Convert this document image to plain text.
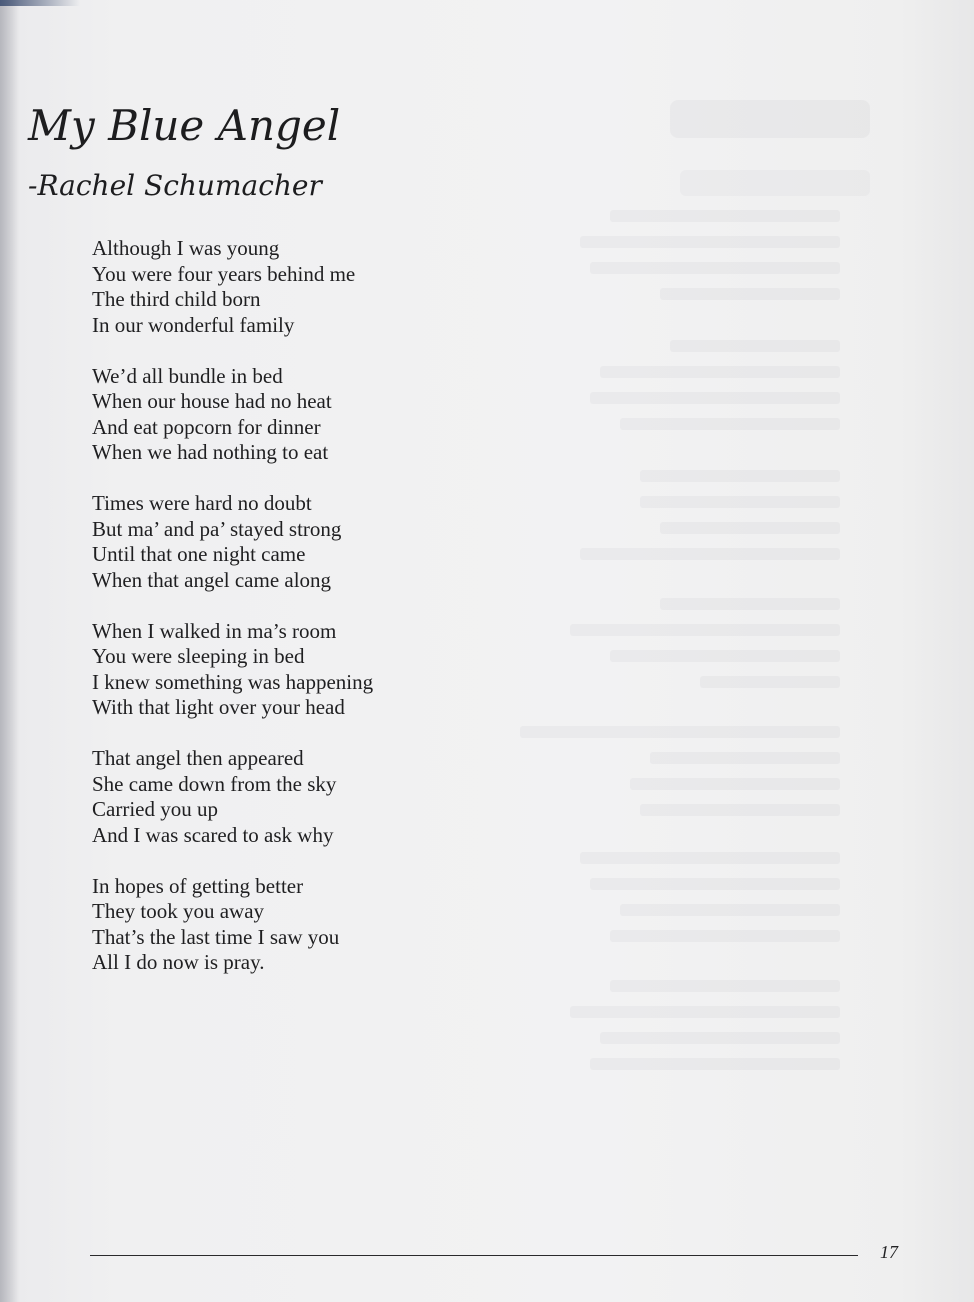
My Blue Angel
-Rachel Schumacher

Although I was young
You were four years behind me
The third child born
In our wonderful family

We’d all bundle in bed
When our house had no heat
And eat popcorn for dinner
When we had nothing to eat

Times were hard no doubt
But ma’ and pa’ stayed strong
Until that one night came
When that angel came along

When I walked in ma’s room
You were sleeping in bed
I knew something was happening
With that light over your head

That angel then appeared
She came down from the sky
Carried you up
And I was scared to ask why

In hopes of getting better
They took you away
That’s the last time I saw you
All I do now is pray.

17
